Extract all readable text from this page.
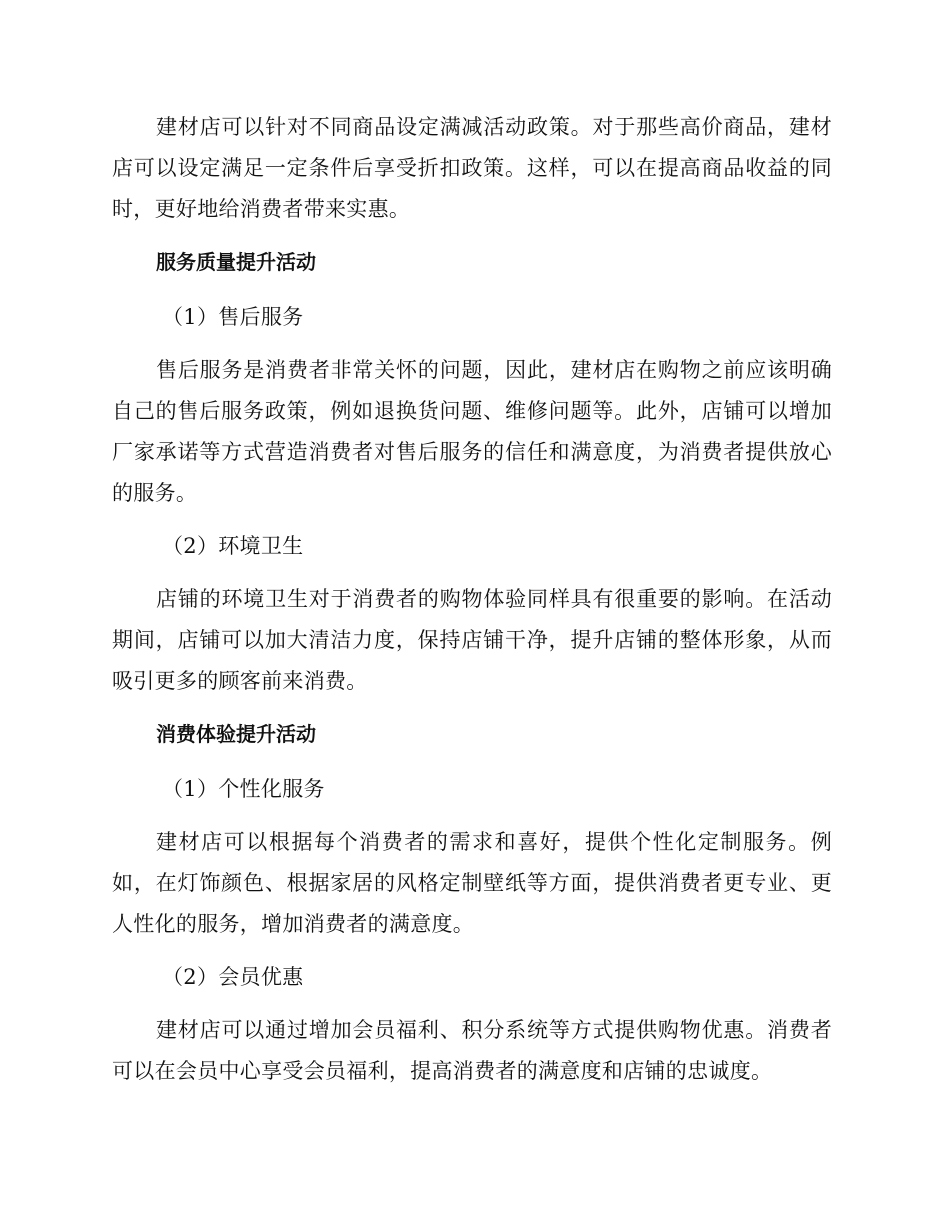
建材店可以针对不同商品设定满减活动政策。对于那些高价商品，建材店可以设定满足一定条件后享受折扣政策。这样，可以在提高商品收益的同时，更好地给消费者带来实惠。

服务质量提升活动

（1）售后服务

售后服务是消费者非常关怀的问题，因此，建材店在购物之前应该明确自己的售后服务政策，例如退换货问题、维修问题等。此外，店铺可以增加厂家承诺等方式营造消费者对售后服务的信任和满意度，为消费者提供放心的服务。

（2）环境卫生

店铺的环境卫生对于消费者的购物体验同样具有很重要的影响。在活动期间，店铺可以加大清洁力度，保持店铺干净，提升店铺的整体形象，从而吸引更多的顾客前来消费。

消费体验提升活动

（1）个性化服务

建材店可以根据每个消费者的需求和喜好，提供个性化定制服务。例如，在灯饰颜色、根据家居的风格定制壁纸等方面，提供消费者更专业、更人性化的服务，增加消费者的满意度。

（2）会员优惠

建材店可以通过增加会员福利、积分系统等方式提供购物优惠。消费者可以在会员中心享受会员福利，提高消费者的满意度和店铺的忠诚度。
